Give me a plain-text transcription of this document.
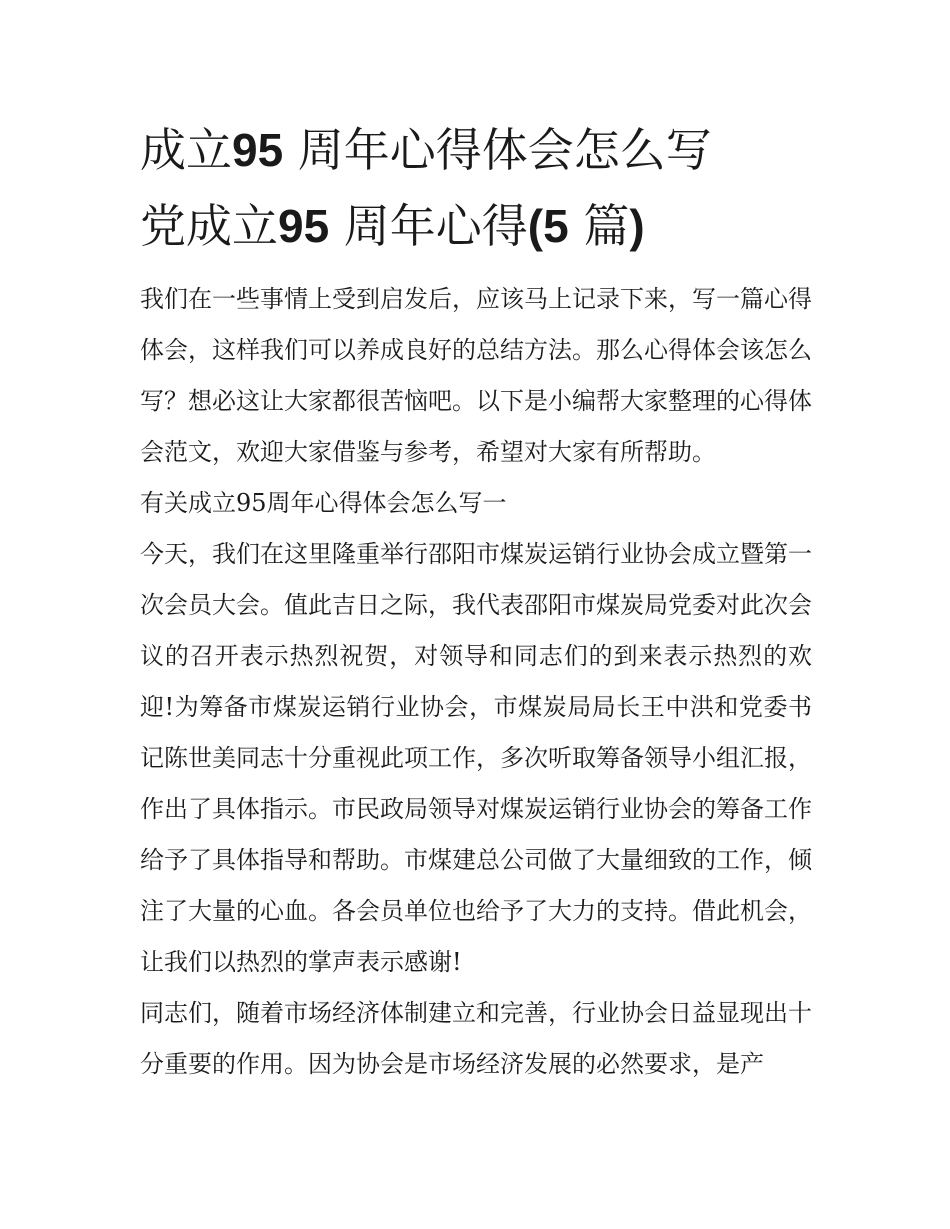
成立95 周年心得体会怎么写
党成立95 周年心得(5 篇)

我们在一些事情上受到启发后，应该马上记录下来，写一篇心得体会，这样我们可以养成良好的总结方法。那么心得体会该怎么写？想必这让大家都很苦恼吧。以下是小编帮大家整理的心得体会范文，欢迎大家借鉴与参考，希望对大家有所帮助。

有关成立95周年心得体会怎么写一

今天，我们在这里隆重举行邵阳市煤炭运销行业协会成立暨第一次会员大会。值此吉日之际，我代表邵阳市煤炭局党委对此次会议的召开表示热烈祝贺，对领导和同志们的到来表示热烈的欢迎!为筹备市煤炭运销行业协会，市煤炭局局长王中洪和党委书记陈世美同志十分重视此项工作，多次听取筹备领导小组汇报，作出了具体指示。市民政局领导对煤炭运销行业协会的筹备工作给予了具体指导和帮助。市煤建总公司做了大量细致的工作，倾注了大量的心血。各会员单位也给予了大力的支持。借此机会，让我们以热烈的掌声表示感谢!

同志们，随着市场经济体制建立和完善，行业协会日益显现出十分重要的作用。因为协会是市场经济发展的必然要求，是产
